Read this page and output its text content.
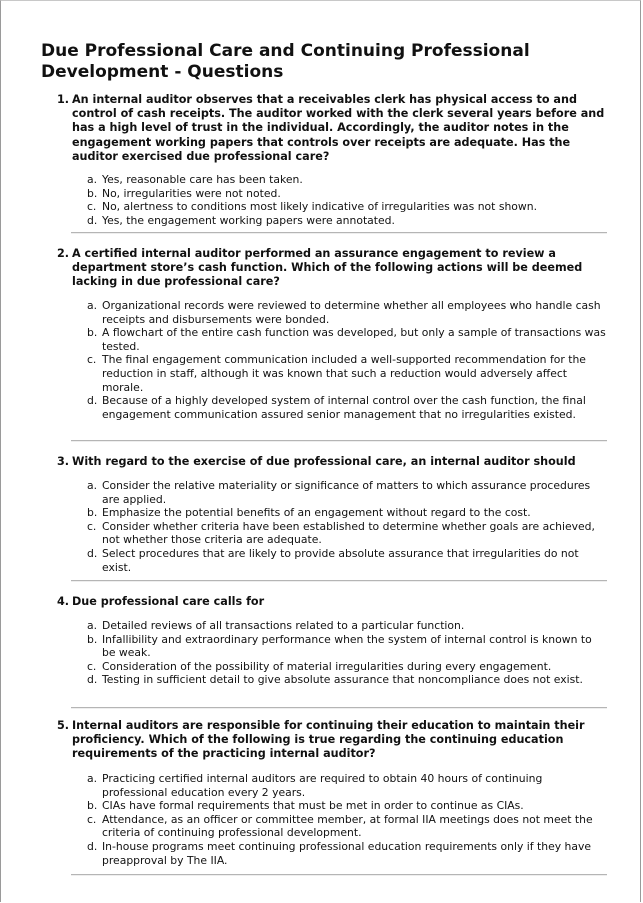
Due Professional Care and Continuing Professional Development - Questions
1. An internal auditor observes that a receivables clerk has physical access to and control of cash receipts. The auditor worked with the clerk several years before and has a high level of trust in the individual. Accordingly, the auditor notes in the engagement working papers that controls over receipts are adequate. Has the auditor exercised due professional care?
a. Yes, reasonable care has been taken.
b. No, irregularities were not noted.
c. No, alertness to conditions most likely indicative of irregularities was not shown.
d. Yes, the engagement working papers were annotated.
2. A certified internal auditor performed an assurance engagement to review a department store’s cash function. Which of the following actions will be deemed lacking in due professional care?
a. Organizational records were reviewed to determine whether all employees who handle cash receipts and disbursements were bonded.
b. A flowchart of the entire cash function was developed, but only a sample of transactions was tested.
c. The final engagement communication included a well-supported recommendation for the reduction in staff, although it was known that such a reduction would adversely affect morale.
d. Because of a highly developed system of internal control over the cash function, the final engagement communication assured senior management that no irregularities existed.
3. With regard to the exercise of due professional care, an internal auditor should
a. Consider the relative materiality or significance of matters to which assurance procedures are applied.
b. Emphasize the potential benefits of an engagement without regard to the cost.
c. Consider whether criteria have been established to determine whether goals are achieved, not whether those criteria are adequate.
d. Select procedures that are likely to provide absolute assurance that irregularities do not exist.
4. Due professional care calls for
a. Detailed reviews of all transactions related to a particular function.
b. Infallibility and extraordinary performance when the system of internal control is known to be weak.
c. Consideration of the possibility of material irregularities during every engagement.
d. Testing in sufficient detail to give absolute assurance that noncompliance does not exist.
5. Internal auditors are responsible for continuing their education to maintain their proficiency. Which of the following is true regarding the continuing education requirements of the practicing internal auditor?
a. Practicing certified internal auditors are required to obtain 40 hours of continuing professional education every 2 years.
b. CIAs have formal requirements that must be met in order to continue as CIAs.
c. Attendance, as an officer or committee member, at formal IIA meetings does not meet the criteria of continuing professional development.
d. In-house programs meet continuing professional education requirements only if they have preapproval by The IIA.
